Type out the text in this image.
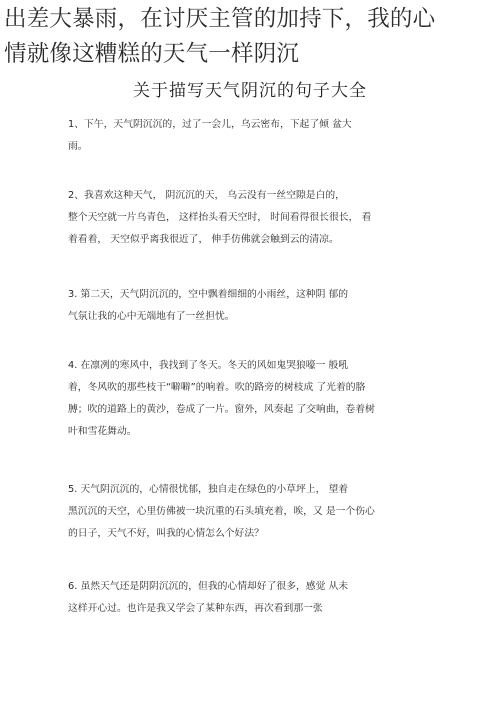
出差大暴雨，在讨厌主管的加持下，我的心
情就像这糟糕的天气一样阴沉
关于描写天气阴沉的句子大全
1、下午，天气阴沉沉的，过了一会儿，乌云密布，下起了倾 盆大
雨。
2、我喜欢这种天气， 阴沉沉的天， 乌云没有一丝空隙是白的，
整个天空就一片乌青色， 这样抬头看天空时， 时间看得很长很长， 看
着看着， 天空似乎离我很近了， 伸手仿佛就会触到云的清凉。
3. 第二天，天气阴沉沉的，空中飘着细细的小雨丝，这种阴 郁的
气氛让我的心中无端地有了一丝担忧。
4. 在凛冽的寒风中，我找到了冬天。冬天的风如鬼哭狼嚎一 般吼
着，冬风吹的那些枝干“噼噼”的响着。吹的路旁的树枝成 了光着的胳
膊；吹的道路上的黄沙，卷成了一片。窗外，风奏起 了交响曲，卷着树
叶和雪花舞动。
5. 天气阴沉沉的，心情很忧郁，独自走在绿色的小草坪上， 望着
黑沉沉的天空，心里仿佛被一块沉重的石头填充着，唉，又 是一个伤心
的日子，天气不好，叫我的心情怎么个好法？
6. 虽然天气还是阴阴沉沉的，但我的心情却好了很多，感觉 从未
这样开心过。也许是我又学会了某种东西，再次看到那一张
